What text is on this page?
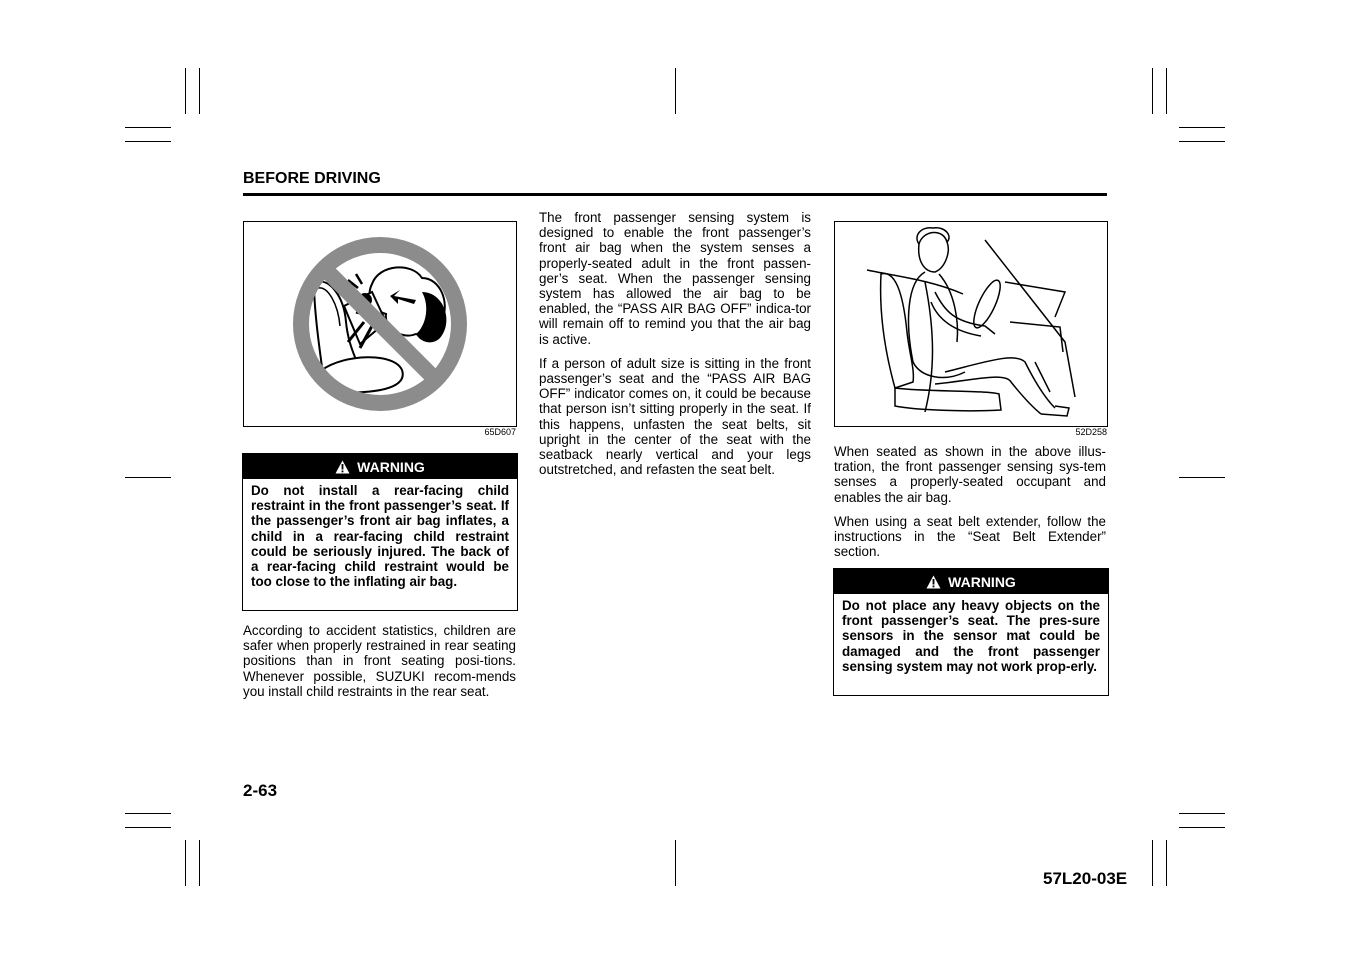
BEFORE DRIVING
65D607
WARNING
Do not install a rear-facing child restraint in the front passenger’s seat. If the passenger’s front air bag inflates, a child in a rear-facing child restraint could be seriously injured. The back of a rear-facing child restraint would be too close to the inflating air bag.
According to accident statistics, children are safer when properly restrained in rear seating positions than in front seating posi-tions. Whenever possible, SUZUKI recom-mends you install child restraints in the rear seat.
The front passenger sensing system is designed to enable the front passenger’s front air bag when the system senses a properly-seated adult in the front passen-ger’s seat. When the passenger sensing system has allowed the air bag to be enabled, the “PASS AIR BAG OFF” indica-tor will remain off to remind you that the air bag is active.
If a person of adult size is sitting in the front passenger’s seat and the “PASS AIR BAG OFF” indicator comes on, it could be because that person isn’t sitting properly in the seat. If this happens, unfasten the seat belts, sit upright in the center of the seat with the seatback nearly vertical and your legs outstretched, and refasten the seat belt.
52D258
When seated as shown in the above illus-tration, the front passenger sensing sys-tem senses a properly-seated occupant and enables the air bag.
When using a seat belt extender, follow the instructions in the “Seat Belt Extender” section.
WARNING
Do not place any heavy objects on the front passenger’s seat. The pres-sure sensors in the sensor mat could be damaged and the front passenger sensing system may not work prop-erly.
2-63
57L20-03E
